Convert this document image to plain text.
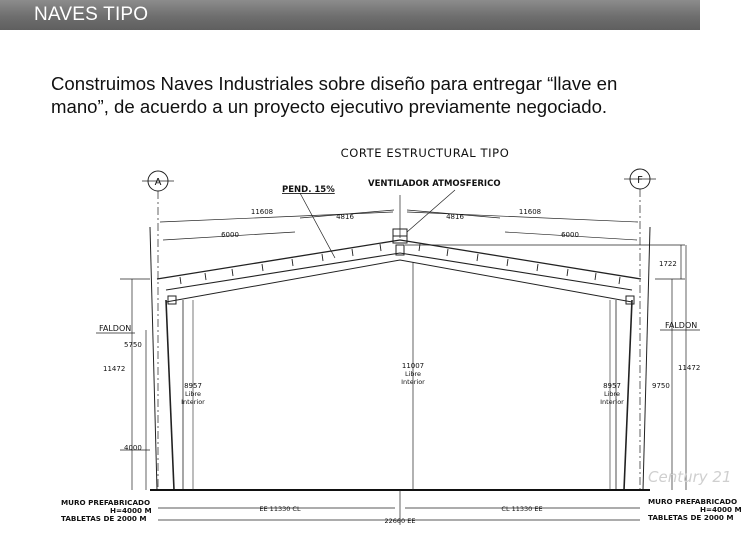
NAVES TIPO
Construimos Naves Industriales sobre diseño para entregar “llave en
mano”, de acuerdo a un proyecto ejecutivo previamente negociado.
CORTE ESTRUCTURAL TIPO
A	F
11608
4816
6000
4816
11608
6000
PEND. 15%
VENTILADOR ATMOSFERICO
1722
9750
11472
FALDON
FALDON
5750
11472
4000
8957
Libre
Interior
11007
Libre
Interior	8957
Libre
Interior
EE 11330 CL	CL 11330 EE
22660 EE
MURO PREFABRICADO
H=4000 M
TABLETAS DE 2000 M
MURO PREFABRICADO
H=4000 M
TABLETAS DE 2000 M
Century 21
